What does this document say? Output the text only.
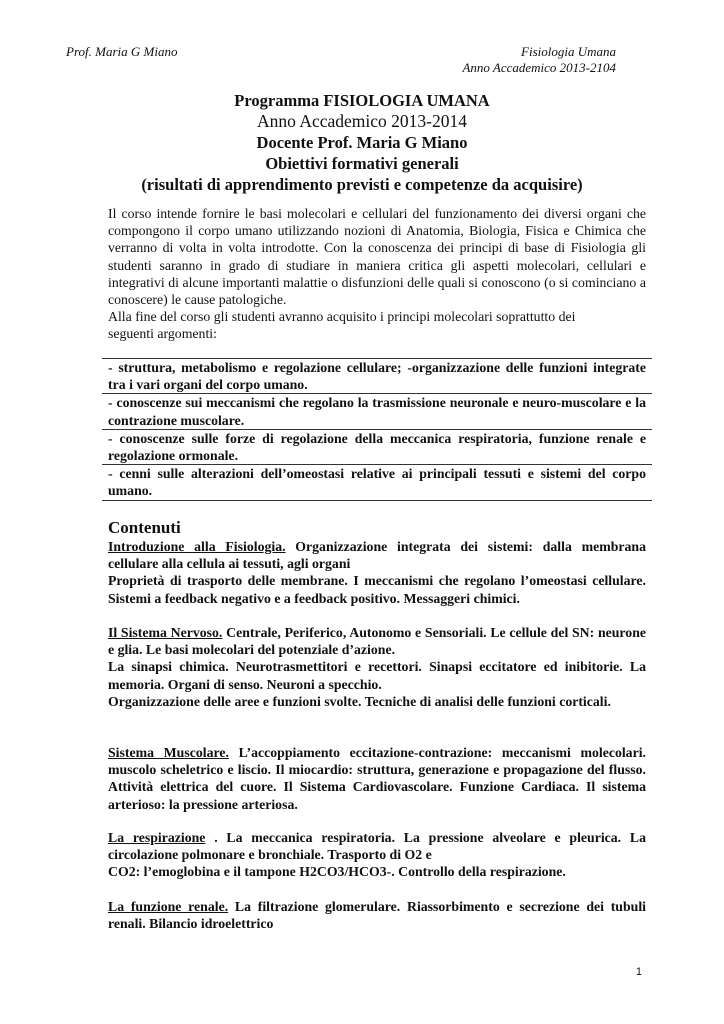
Prof. Maria G Miano	Fisiologia Umana
Anno Accademico 2013-2104
Programma FISIOLOGIA UMANA
Anno Accademico 2013-2014
Docente Prof. Maria G Miano
Obiettivi formativi generali
(risultati di apprendimento previsti e competenze da acquisire)

Il corso intende fornire le basi molecolari e cellulari del funzionamento dei diversi organi che compongono il corpo umano utilizzando nozioni di Anatomia, Biologia, Fisica e Chimica che verranno di volta in volta introdotte. Con la conoscenza dei principi di base di Fisiologia gli studenti saranno in grado di studiare in maniera critica gli aspetti molecolari, cellulari e integrativi di alcune importanti malattie o disfunzioni delle quali si conoscono (o si cominciano a conoscere) le cause patologiche.

Alla fine del corso gli studenti avranno acquisito i principi molecolari soprattutto dei
seguenti argomenti:

- struttura, metabolismo e regolazione cellulare; -organizzazione delle funzioni integrate tra i vari organi del corpo umano.
- conoscenze sui meccanismi che regolano la trasmissione neuronale e neuro-muscolare e la contrazione muscolare.
- conoscenze sulle forze di regolazione della meccanica respiratoria, funzione renale e regolazione ormonale.
- cenni sulle alterazioni dell’omeostasi relative ai principali tessuti e sistemi del corpo umano.
Contenuti

Introduzione alla Fisiologia. Organizzazione integrata dei sistemi: dalla membrana cellulare alla cellula ai tessuti, agli organi

Proprietà di trasporto delle membrane. I meccanismi che regolano l’omeostasi cellulare. Sistemi a feedback negativo e a feedback positivo. Messaggeri chimici.

Il Sistema Nervoso. Centrale, Periferico, Autonomo e Sensoriali. Le cellule del SN: neurone e glia. Le basi molecolari del potenziale d’azione.

La sinapsi chimica. Neurotrasmettitori e recettori. Sinapsi eccitatore ed inibitorie. La memoria. Organi di senso. Neuroni a specchio.

Organizzazione delle aree e funzioni svolte. Tecniche di analisi delle funzioni corticali.

Sistema Muscolare. L’accoppiamento eccitazione-contrazione: meccanismi molecolari. muscolo scheletrico e liscio. Il miocardio: struttura, generazione e propagazione del flusso. Attività elettrica del cuore. Il Sistema Cardiovascolare. Funzione Cardiaca. Il sistema arterioso: la pressione arteriosa.

La respirazione . La meccanica respiratoria. La pressione alveolare e pleurica. La circolazione polmonare e bronchiale. Trasporto di O2 e

CO2: l’emoglobina e il tampone H2CO3/HCO3-. Controllo della respirazione.

La funzione renale. La filtrazione glomerulare. Riassorbimento e secrezione dei tubuli renali. Bilancio idroelettrico

1
